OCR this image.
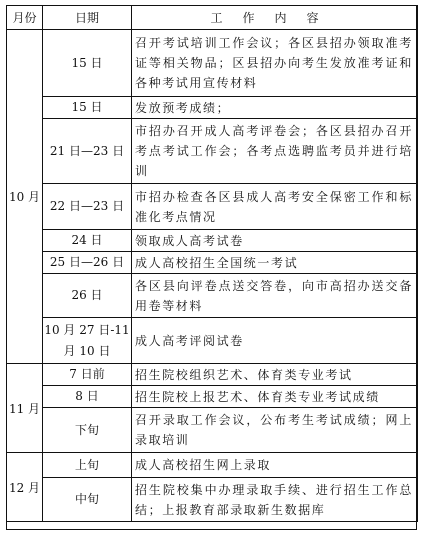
月份	日期	工作内容
10 月	15 日	召开考试培训工作会议；各区县招办领取准考证等相关物品；区县招办向考生发放准考证和各种考试用宣传材料
	15 日	发放预考成绩；
	21 日—23 日	市招办召开成人高考评卷会；各区县招办召开考点考试工作会；各考点选聘监考员并进行培训
	22 日—23 日	市招办检查各区县成人高考安全保密工作和标准化考点情况
	24 日	领取成人高考试卷
	25 日—26 日	成人高校招生全国统一考试
	26 日	各区县向评卷点送交答卷，向市高招办送交备用卷等材料
	10 月 27 日-11 月 10 日	成人高考评阅试卷
11 月	7 日前	招生院校组织艺术、体育类专业考试
	8 日	招生院校上报艺术、体育类专业考试成绩
	下旬	召开录取工作会议，公布考生考试成绩；网上录取培训
12 月	上旬	成人高校招生网上录取
	中旬	招生院校集中办理录取手续、进行招生工作总结；上报教育部录取新生数据库
